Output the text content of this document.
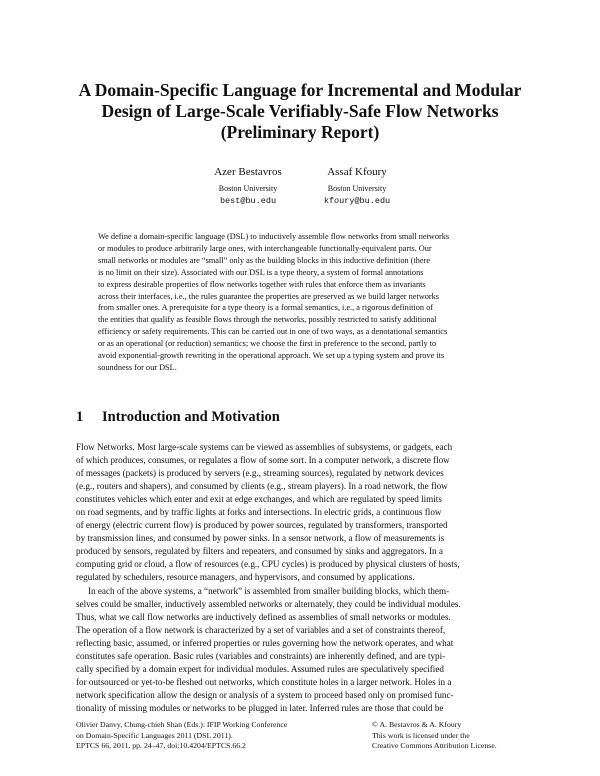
A Domain-Specific Language for Incremental and Modular
Design of Large-Scale Verifiably-Safe Flow Networks
(Preliminary Report)
Azer Bestavros
Boston University
best@bu.edu
Assaf Kfoury
Boston University
kfoury@bu.edu
We define a domain-specific language (DSL) to inductively assemble flow networks from small networks
or modules to produce arbitrarily large ones, with interchangeable functionally-equivalent parts. Our
small networks or modules are “small” only as the building blocks in this inductive definition (there
is no limit on their size). Associated with our DSL is a type theory, a system of formal annotations
to express desirable properties of flow networks together with rules that enforce them as invariants
across their interfaces, i.e., the rules guarantee the properties are preserved as we build larger networks
from smaller ones. A prerequisite for a type theory is a formal semantics, i.e., a rigorous definition of
the entities that qualify as feasible flows through the networks, possibly restricted to satisfy additional
efficiency or safety requirements. This can be carried out in one of two ways, as a denotational semantics
or as an operational (or reduction) semantics; we choose the first in preference to the second, partly to
avoid exponential-growth rewriting in the operational approach. We set up a typing system and prove its
soundness for our DSL.
1 Introduction and Motivation
Flow Networks. Most large-scale systems can be viewed as assemblies of subsystems, or gadgets, each
of which produces, consumes, or regulates a flow of some sort. In a computer network, a discrete flow
of messages (packets) is produced by servers (e.g., streaming sources), regulated by network devices
(e.g., routers and shapers), and consumed by clients (e.g., stream players). In a road network, the flow
constitutes vehicles which enter and exit at edge exchanges, and which are regulated by speed limits
on road segments, and by traffic lights at forks and intersections. In electric grids, a continuous flow
of energy (electric current flow) is produced by power sources, regulated by transformers, transported
by transmission lines, and consumed by power sinks. In a sensor network, a flow of measurements is
produced by sensors, regulated by filters and repeaters, and consumed by sinks and aggregators. In a
computing grid or cloud, a flow of resources (e.g., CPU cycles) is produced by physical clusters of hosts,
regulated by schedulers, resource managers, and hypervisors, and consumed by applications.
In each of the above systems, a “network” is assembled from smaller building blocks, which them-
selves could be smaller, inductively assembled networks or alternately, they could be individual modules.
Thus, what we call flow networks are inductively defined as assemblies of small networks or modules.
The operation of a flow network is characterized by a set of variables and a set of constraints thereof,
reflecting basic, assumed, or inferred properties or rules governing how the network operates, and what
constitutes safe operation. Basic rules (variables and constraints) are inherently defined, and are typi-
cally specified by a domain expert for individual modules. Assumed rules are speculatively specified
for outsourced or yet-to-be fleshed out networks, which constitute holes in a larger network. Holes in a
network specification allow the design or analysis of a system to proceed based only on promised func-
tionality of missing modules or networks to be plugged in later. Inferred rules are those that could be
Olivier Danvy, Chung-chieh Shan (Eds.): IFIP Working Conference
on Domain-Specific Languages 2011 (DSL 2011).
EPTCS 66, 2011, pp. 24–47, doi:10.4204/EPTCS.66.2
© A. Bestavros & A. Kfoury
This work is licensed under the
Creative Commons Attribution License.
